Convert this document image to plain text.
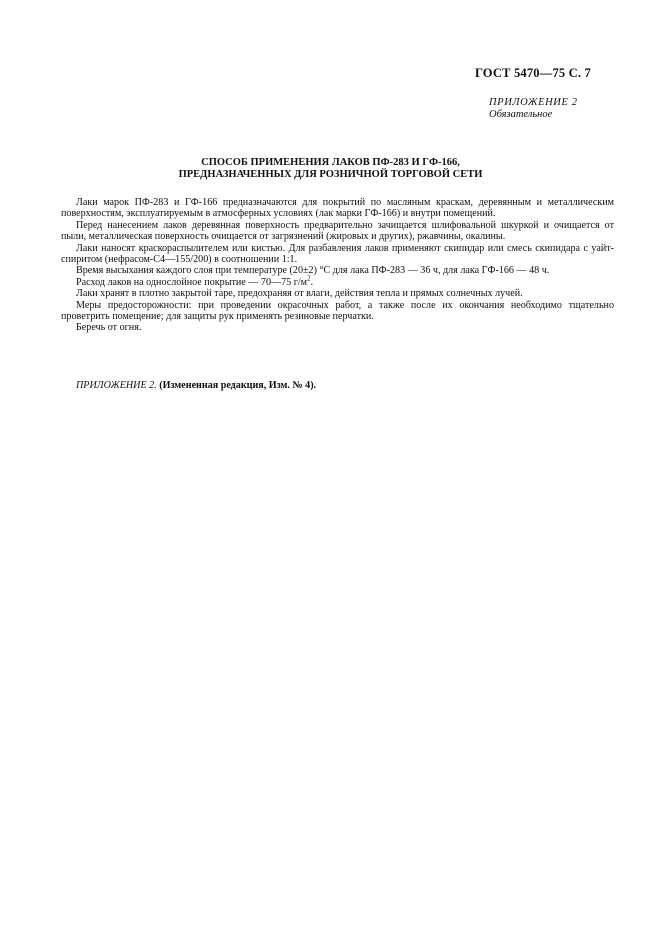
ГОСТ 5470—75 С. 7
ПРИЛОЖЕНИЕ 2
Обязательное
СПОСОБ ПРИМЕНЕНИЯ ЛАКОВ ПФ-283 И ГФ-166,
ПРЕДНАЗНАЧЕННЫХ ДЛЯ РОЗНИЧНОЙ ТОРГОВОЙ СЕТИ

Лаки марок ПФ-283 и ГФ-166 предназначаются для покрытий по масляным краскам, деревянным и металлическим поверхностям, эксплуатируемым в атмосферных условиях (лак марки ГФ-166) и внутри помещений.

Перед нанесением лаков деревянная поверхность предварительно зачищается шлифовальной шкуркой и очищается от пыли, металлическая поверхность очищается от загрязнений (жировых и других), ржавчины, окалины.

Лаки наносят краскораспылителем или кистью. Для разбавления лаков применяют скипидар или смесь скипидара с уайт-спиритом (нефрасом-С4—155/200) в соотношении 1:1.

Время высыхания каждого слоя при температуре (20±2) °С для лака ПФ-283 — 36 ч, для лака ГФ-166 — 48 ч.

Расход лаков на однослойное покрытие — 70—75 $г/м^2$.

Лаки хранят в плотно закрытой таре, предохраняя от влаги, действия тепла и прямых солнечных лучей.

Меры предосторожности: при проведении окрасочных работ, а также после их окончания необходимо тщательно проветрить помещение; для защиты рук применять резиновые перчатки.

Беречь от огня.

ПРИЛОЖЕНИЕ 2. (Измененная редакция, Изм. № 4).
